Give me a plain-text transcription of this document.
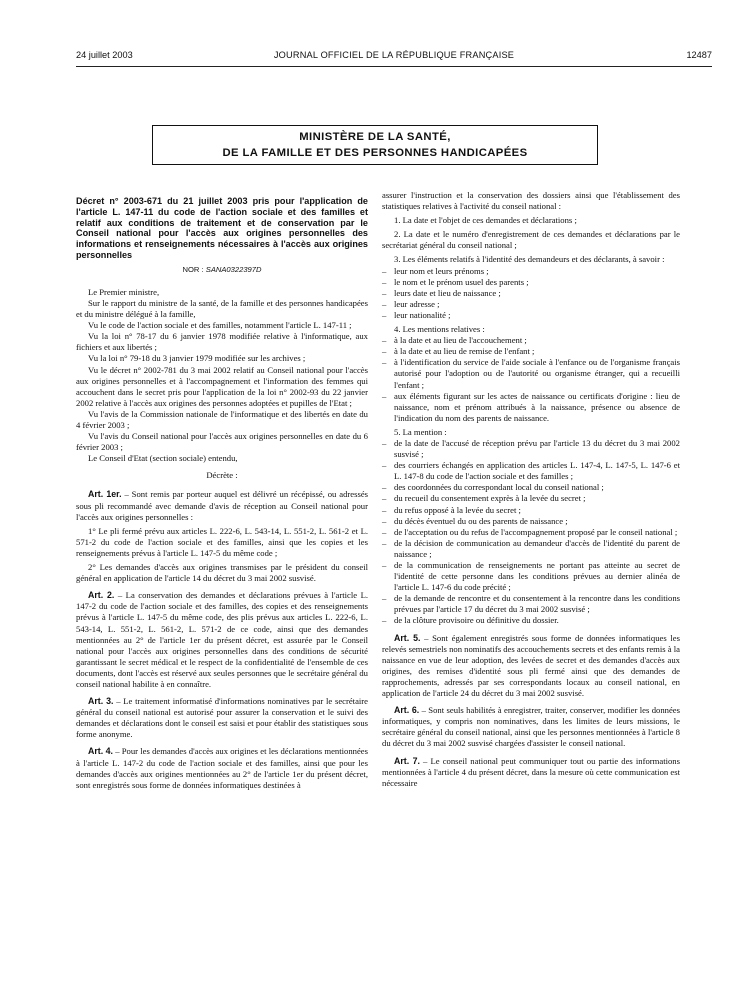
24 juillet 2003	JOURNAL OFFICIEL DE LA RÉPUBLIQUE FRANÇAISE	12487
MINISTÈRE DE LA SANTÉ,
DE LA FAMILLE ET DES PERSONNES HANDICAPÉES
Décret n° 2003-671 du 21 juillet 2003 pris pour l'application de l'article L. 147-11 du code de l'action sociale et des familles et relatif aux conditions de traitement et de conservation par le Conseil national pour l'accès aux origines personnelles des informations et renseignements nécessaires à l'accès aux origines personnelles
NOR : SANA0322397D

Le Premier ministre,

Sur le rapport du ministre de la santé, de la famille et des personnes handicapées et du ministre délégué à la famille,

Vu le code de l'action sociale et des familles, notamment l'article L. 147-11 ;

Vu la loi n° 78-17 du 6 janvier 1978 modifiée relative à l'informatique, aux fichiers et aux libertés ;

Vu la loi n° 79-18 du 3 janvier 1979 modifiée sur les archives ;

Vu le décret n° 2002-781 du 3 mai 2002 relatif au Conseil national pour l'accès aux origines personnelles et à l'accompagnement et l'information des femmes qui accouchent dans le secret pris pour l'application de la loi n° 2002-93 du 22 janvier 2002 relative à l'accès aux origines des personnes adoptées et pupilles de l'Etat ;

Vu l'avis de la Commission nationale de l'informatique et des libertés en date du 4 février 2003 ;

Vu l'avis du Conseil national pour l'accès aux origines personnelles en date du 6 février 2003 ;

Le Conseil d'Etat (section sociale) entendu,

Décrète :

Art. 1er. – Sont remis par porteur auquel est délivré un récépissé, ou adressés sous pli recommandé avec demande d'avis de réception au Conseil national pour l'accès aux origines personnelles :

1° Le pli fermé prévu aux articles L. 222-6, L. 543-14, L. 551-2, L. 561-2 et L. 571-2 du code de l'action sociale et des familles, ainsi que les copies et les renseignements prévus à l'article L. 147-5 du même code ;

2° Les demandes d'accès aux origines transmises par le président du conseil général en application de l'article 14 du décret du 3 mai 2002 susvisé.

Art. 2. – La conservation des demandes et déclarations prévues à l'article L. 147-2 du code de l'action sociale et des familles, des copies et des renseignements prévus à l'article L. 147-5 du même code, des plis prévus aux articles L. 222-6, L. 543-14, L. 551-2, L. 561-2, L. 571-2 de ce code, ainsi que des demandes mentionnées au 2° de l'article 1er du présent décret, est assurée par le Conseil national pour l'accès aux origines personnelles dans des conditions de sécurité garantissant le secret médical et le respect de la confidentialité de l'ensemble de ces documents, dont l'accès est réservé aux seules personnes que le secrétaire général du conseil national habilite à en connaître.

Art. 3. – Le traitement informatisé d'informations nominatives par le secrétaire général du conseil national est autorisé pour assurer la conservation et le suivi des demandes et déclarations dont le conseil est saisi et pour établir des statistiques sous forme anonyme.

Art. 4. – Pour les demandes d'accès aux origines et les déclarations mentionnées à l'article L. 147-2 du code de l'action sociale et des familles, ainsi que pour les demandes d'accès aux origines mentionnées au 2° de l'article 1er du présent décret, sont enregistrés sous forme de données informatiques destinées à

assurer l'instruction et la conservation des dossiers ainsi que l'établissement des statistiques relatives à l'activité du conseil national :

1. La date et l'objet de ces demandes et déclarations ;

2. La date et le numéro d'enregistrement de ces demandes et déclarations par le secrétariat général du conseil national ;

3. Les éléments relatifs à l'identité des demandeurs et des déclarants, à savoir :

– leur nom et leurs prénoms ;
– le nom et le prénom usuel des parents ;
– leurs date et lieu de naissance ;
– leur adresse ;
– leur nationalité ;

4. Les mentions relatives :

– à la date et au lieu de l'accouchement ;
– à la date et au lieu de remise de l'enfant ;
– à l'identification du service de l'aide sociale à l'enfance ou de l'organisme français autorisé pour l'adoption ou de l'autorité ou organisme étranger, qui a recueilli l'enfant ;
– aux éléments figurant sur les actes de naissance ou certificats d'origine : lieu de naissance, nom et prénom attribués à la naissance, présence ou absence de l'indication du nom des parents de naissance.

5. La mention :

– de la date de l'accusé de réception prévu par l'article 13 du décret du 3 mai 2002 susvisé ;
– des courriers échangés en application des articles L. 147-4, L. 147-5, L. 147-6 et L. 147-8 du code de l'action sociale et des familles ;
– des coordonnées du correspondant local du conseil national ;
– du recueil du consentement exprès à la levée du secret ;
– du refus opposé à la levée du secret ;
– du décès éventuel du ou des parents de naissance ;
– de l'acceptation ou du refus de l'accompagnement proposé par le conseil national ;
– de la décision de communication au demandeur d'accès de l'identité du parent de naissance ;
– de la communication de renseignements ne portant pas atteinte au secret de l'identité de cette personne dans les conditions prévues au dernier alinéa de l'article L. 147-6 du code précité ;
– de la demande de rencontre et du consentement à la rencontre dans les conditions prévues par l'article 17 du décret du 3 mai 2002 susvisé ;
– de la clôture provisoire ou définitive du dossier.

Art. 5. – Sont également enregistrés sous forme de données informatiques les relevés semestriels non nominatifs des accouchements secrets et des enfants remis à la naissance en vue de leur adoption, des levées de secret et des demandes d'accès aux origines, des remises d'identité sous pli fermé ainsi que des demandes de rapprochements, adressés par ses correspondants locaux au conseil national, en application de l'article 24 du décret du 3 mai 2002 susvisé.

Art. 6. – Sont seuls habilités à enregistrer, traiter, conserver, modifier les données informatiques, y compris non nominatives, dans les limites de leurs missions, le secrétaire général du conseil national, ainsi que les personnes mentionnées à l'article 8 du décret du 3 mai 2002 susvisé chargées d'assister le conseil national.

Art. 7. – Le conseil national peut communiquer tout ou partie des informations mentionnées à l'article 4 du présent décret, dans la mesure où cette communication est nécessaire
